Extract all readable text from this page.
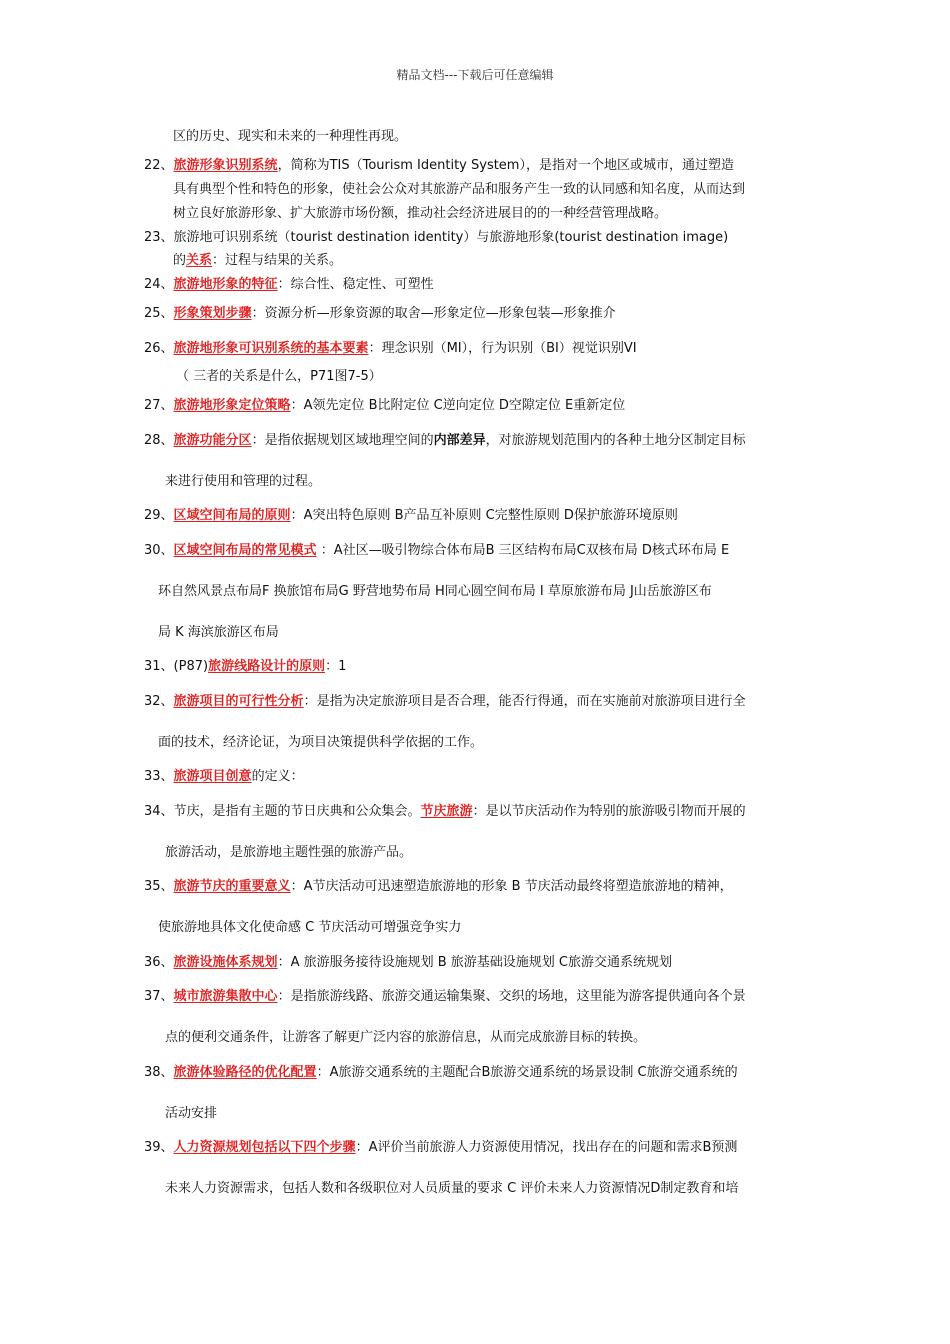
精品文档---下载后可任意编辑
区的历史、现实和未来的一种理性再现。
22、旅游形象识别系统，简称为TIS（Tourism Identity System），是指对一个地区或城市，通过塑造
具有典型个性和特色的形象，使社会公众对其旅游产品和服务产生一致的认同感和知名度，从而达到
树立良好旅游形象、扩大旅游市场份额，推动社会经济进展目的的一种经营管理战略。
23、旅游地可识别系统（tourist destination identity）与旅游地形象(tourist destination image)
的关系：过程与结果的关系。
24、旅游地形象的特征：综合性、稳定性、可塑性
25、形象策划步骤：资源分析—形象资源的取舍—形象定位—形象包装—形象推介
26、旅游地形象可识别系统的基本要素：理念识别（MI），行为识别（BI）视觉识别VI
（ 三者的关系是什么，P71图7-5）
27、旅游地形象定位策略：A领先定位 B比附定位 C逆向定位 D空隙定位 E重新定位
28、旅游功能分区：是指依据规划区域地理空间的内部差异，对旅游规划范围内的各种土地分区制定目标
来进行使用和管理的过程。
29、区域空间布局的原则：A突出特色原则 B产品互补原则 C完整性原则 D保护旅游环境原则
30、区域空间布局的常见模式 ：A社区—吸引物综合体布局B 三区结构布局C双核布局 D核式环布局 E
环自然风景点布局F 换旅馆布局G 野营地势布局 H同心圆空间布局 I 草原旅游布局 J山岳旅游区布
局 K 海滨旅游区布局
31、(P87)旅游线路设计的原则：1
32、旅游项目的可行性分析：是指为决定旅游项目是否合理，能否行得通，而在实施前对旅游项目进行全
面的技术，经济论证，为项目决策提供科学依据的工作。
33、旅游项目创意的定义：
34、节庆，是指有主题的节日庆典和公众集会。节庆旅游：是以节庆活动作为特别的旅游吸引物而开展的
旅游活动，是旅游地主题性强的旅游产品。
35、旅游节庆的重要意义：A节庆活动可迅速塑造旅游地的形象 B 节庆活动最终将塑造旅游地的精神，
使旅游地具体文化使命感 C 节庆活动可增强竞争实力
36、旅游设施体系规划：A 旅游服务接待设施规划 B 旅游基础设施规划 C旅游交通系统规划
37、城市旅游集散中心：是指旅游线路、旅游交通运输集聚、交织的场地，这里能为游客提供通向各个景
点的便利交通条件，让游客了解更广泛内容的旅游信息，从而完成旅游目标的转换。
38、旅游体验路径的优化配置：A旅游交通系统的主题配合B旅游交通系统的场景设制 C旅游交通系统的
活动安排
39、人力资源规划包括以下四个步骤：A评价当前旅游人力资源使用情况，找出存在的问题和需求B预测
未来人力资源需求，包括人数和各级职位对人员质量的要求 C 评价未来人力资源情况D制定教育和培
